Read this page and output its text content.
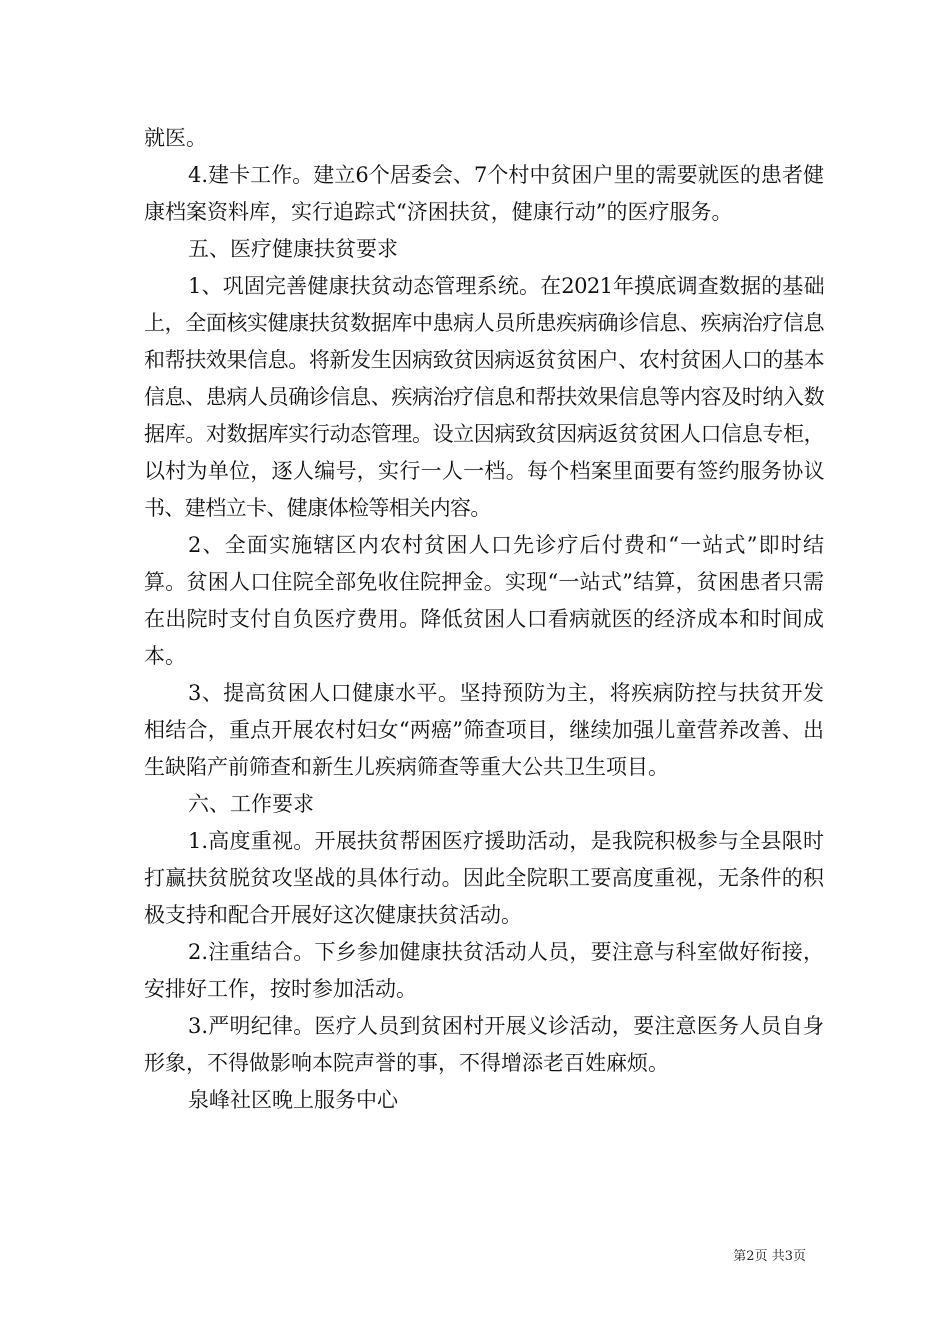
就医。

4.建卡工作。建立6个居委会、7个村中贫困户里的需要就医的患者健康档案资料库，实行追踪式“济困扶贫，健康行动”的医疗服务。

五、医疗健康扶贫要求

1、巩固完善健康扶贫动态管理系统。在2021年摸底调查数据的基础上，全面核实健康扶贫数据库中患病人员所患疾病确诊信息、疾病治疗信息和帮扶效果信息。将新发生因病致贫因病返贫贫困户、农村贫困人口的基本信息、患病人员确诊信息、疾病治疗信息和帮扶效果信息等内容及时纳入数据库。对数据库实行动态管理。设立因病致贫因病返贫贫困人口信息专柜，以村为单位，逐人编号，实行一人一档。每个档案里面要有签约服务协议书、建档立卡、健康体检等相关内容。

2、全面实施辖区内农村贫困人口先诊疗后付费和“一站式”即时结算。贫困人口住院全部免收住院押金。实现“一站式”结算，贫困患者只需在出院时支付自负医疗费用。降低贫困人口看病就医的经济成本和时间成本。

3、提高贫困人口健康水平。坚持预防为主，将疾病防控与扶贫开发相结合，重点开展农村妇女“两癌”筛查项目，继续加强儿童营养改善、出生缺陷产前筛查和新生儿疾病筛查等重大公共卫生项目。

六、工作要求

1.高度重视。开展扶贫帮困医疗援助活动，是我院积极参与全县限时打赢扶贫脱贫攻坚战的具体行动。因此全院职工要高度重视，无条件的积极支持和配合开展好这次健康扶贫活动。

2.注重结合。下乡参加健康扶贫活动人员，要注意与科室做好衔接，安排好工作，按时参加活动。

3.严明纪律。医疗人员到贫困村开展义诊活动，要注意医务人员自身形象，不得做影响本院声誉的事，不得增添老百姓麻烦。

泉峰社区晚上服务中心

第2页 共3页
